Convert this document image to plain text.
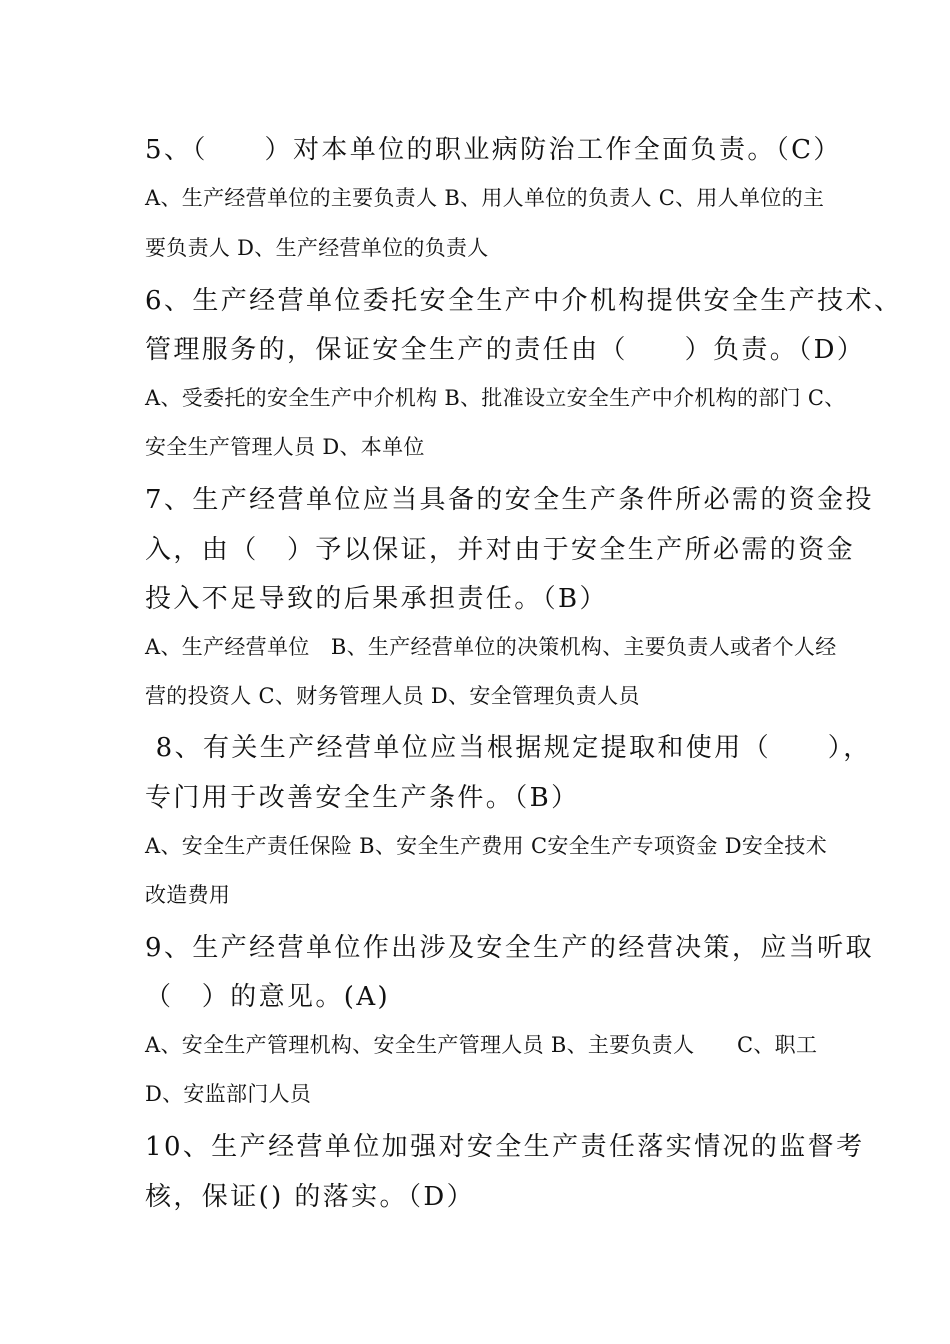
5、（　　）对本单位的职业病防治工作全面负责。（C）
A、生产经营单位的主要负责人 B、用人单位的负责人 C、用人单位的主
要负责人 D、生产经营单位的负责人
6、生产经营单位委托安全生产中介机构提供安全生产技术、
管理服务的，保证安全生产的责任由（　　）负责。（D）
A、受委托的安全生产中介机构 B、批准设立安全生产中介机构的部门 C、
安全生产管理人员 D、本单位
7、生产经营单位应当具备的安全生产条件所必需的资金投
入，由（　）予以保证，并对由于安全生产所必需的资金
投入不足导致的后果承担责任。（B）
A、生产经营单位　B、生产经营单位的决策机构、主要负责人或者个人经
营的投资人 C、财务管理人员 D、安全管理负责人员
8、有关生产经营单位应当根据规定提取和使用（　　），
专门用于改善安全生产条件。（B）
A、安全生产责任保险 B、安全生产费用 C安全生产专项资金 D安全技术
改造费用
9、生产经营单位作出涉及安全生产的经营决策，应当听取
（　）的意见。(A)
A、安全生产管理机构、安全生产管理人员 B、主要负责人　　C、职工
D、安监部门人员
10、生产经营单位加强对安全生产责任落实情况的监督考
核，保证() 的落实。（D）
